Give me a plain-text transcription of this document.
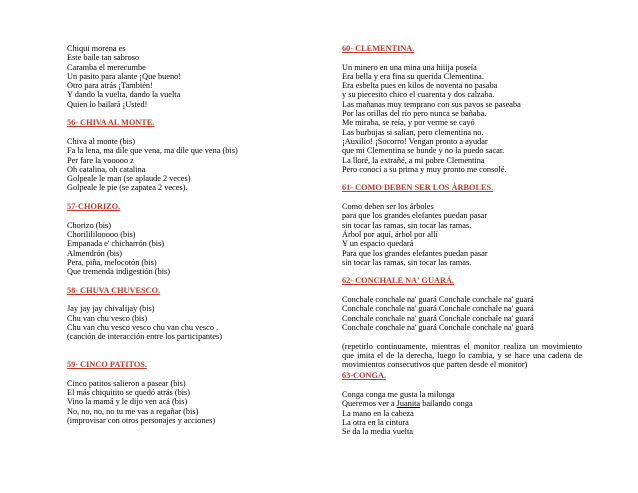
Chiqui morena es
Este baile tan sabroso
Caramba el merecumbe
Un pasito para alante ¡Que bueno!
Otro para atrás ¡También!
Y dando la vuelta, dando la vuelta
Quien lo bailará ¡Usted!
56- CHIVA AL MONTE.
Chiva al monte (bis)
Fa la lena, ma dile que vena, ma dile que vena (bis)
Per fare la vooooo z
Oh catalina, oh catalina
Golpeale le man (se aplaude 2 veces)
Golpeale le pie (se zapatea 2 veces).
57-CHORIZO.
Chorizo (bis)
Chorilililooooo (bis)
Empanada e' chicharrón (bis)
Almendrón (bis)
Pera, piña, melocotón (bis)
Que tremenda indigestión (bis)
58- CHUVA CHUVESCO.
Jay jay jay chivalijay (bis)
Chu van chu vesco (bis)
Chu van chu vesco vesco chu van chu vesco .
(canción de interacción entre los participantes)
59- CINCO PATITOS.
Cinco patitos salieron a pasear (bis)
El más chiquitito se quedó atrás (bis)
Vino la mamá y le dijo ven acá (bis)
No, no, no, no tu me vas a regañar (bis)
(improvisar con otros personajes y acciones)
60- CLEMENTINA.
Un minero en una mina una hiiija poseía
Era bella y era fina su querida Clementina.
Era esbelta pues en kilos de noventa no pasaba
y su piecesito chico el cuarenta y dos calzaba.
Las mañanas muy temprano con sus pavos se paseaba
Por las orillas del río pero nunca se bañaba.
Me miraba, se reía, y por verme se cayó
Las burbujas si salían, pero clementina no.
¡Auxilio! ¡Socorro! Vengan pronto a ayudar
que mi Clementina se hunde y no la puedo sacar.
La lloré, la extrañé, a mi pobre Clementina
Pero conocí a su prima y muy pronto me consolé.
61- COMO DEBEN SER LOS ÁRBOLES.
Como deben ser los árboles
para que los grandes elefantes puedan pasar
sin tocar las ramas, sin tocar las ramas.
Árbol por aquí, árbol por allí
Y un espacio quedará
Para que los grandes elefantes puedan pasar
sin tocar las ramas, sin tocar las ramas.
62- CONCHALE NA' GUARÁ.
Conchale conchale na' guará Conchale conchale na' guará
Conchale conchale na' guará Conchale conchale na' guará
Conchale conchale na' guará Conchale conchale na' guará
Conchale conchale na' guará Conchale conchale na' guará
(repetirlo continuamente, mientras el monitor realiza un movimiento que imita el de la derecha, luego lo cambia, y se hace una cadena de movimientos consecutivos que parten desde el monitor)
63-CONGA.
Conga conga me gusta la milonga
Queremos ver a Juanita bailando conga
La mano en la cabeza
La otra en la cintura
Se da la media vuelta
